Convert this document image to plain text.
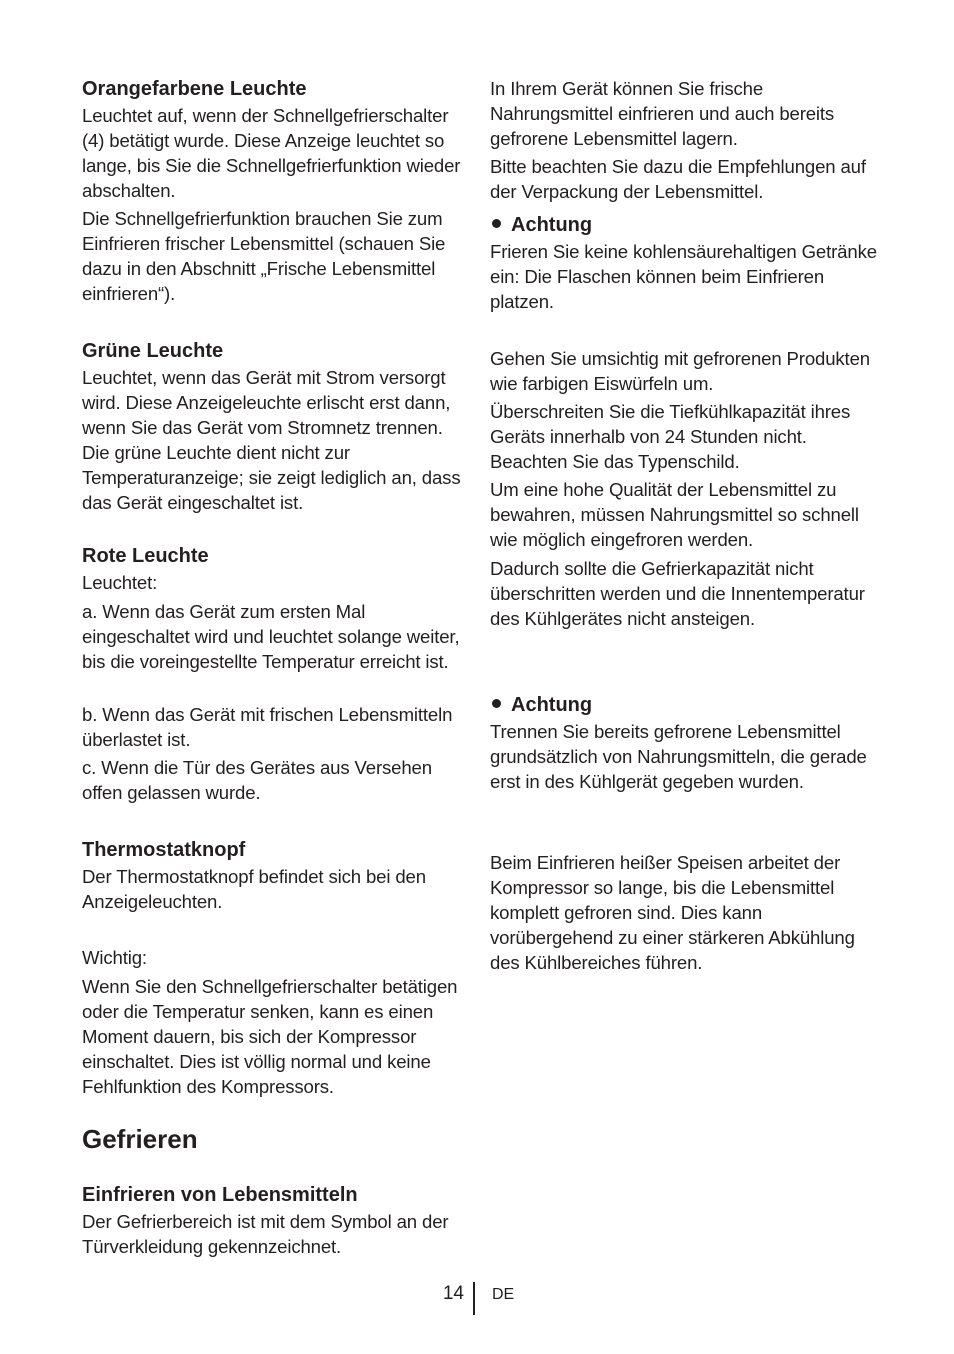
Orangefarbene Leuchte

Leuchtet auf, wenn der Schnellgefrierschalter (4) betätigt wurde. Diese Anzeige leuchtet so lange, bis Sie die Schnellgefrierfunktion wieder abschalten.

Die Schnellgefrierfunktion brauchen Sie zum Einfrieren frischer Lebensmittel (schauen Sie dazu in den Abschnitt „Frische Lebensmittel einfrieren“).

Grüne Leuchte

Leuchtet, wenn das Gerät mit Strom versorgt wird. Diese Anzeigeleuchte erlischt erst dann, wenn Sie das Gerät vom Stromnetz trennen. Die grüne Leuchte dient nicht zur Temperaturanzeige; sie zeigt lediglich an, dass das Gerät eingeschaltet ist.

Rote Leuchte

Leuchtet:

a. Wenn das Gerät zum ersten Mal eingeschaltet wird und leuchtet solange weiter, bis die voreingestellte Temperatur erreicht ist.

b. Wenn das Gerät mit frischen Lebensmitteln überlastet ist.

c. Wenn die Tür des Gerätes aus Versehen offen gelassen wurde.

Thermostatknopf

Der Thermostatknopf befindet sich bei den Anzeigeleuchten.

Wichtig:

Wenn Sie den Schnellgefrierschalter betätigen oder die Temperatur senken, kann es einen Moment dauern, bis sich der Kompressor einschaltet. Dies ist völlig normal und keine Fehlfunktion des Kompressors.

Gefrieren
Einfrieren von Lebensmitteln

Der Gefrierbereich ist mit dem Symbol an der Türverkleidung gekennzeichnet.

In Ihrem Gerät können Sie frische Nahrungsmittel einfrieren und auch bereits gefrorene Lebensmittel lagern.

Bitte beachten Sie dazu die Empfehlungen auf der Verpackung der Lebensmittel.

Achtung

Frieren Sie keine kohlensäurehaltigen Getränke ein: Die Flaschen können beim Einfrieren platzen.

Gehen Sie umsichtig mit gefrorenen Produkten wie farbigen Eiswürfeln um.

Überschreiten Sie die Tiefkühlkapazität ihres Geräts innerhalb von 24 Stunden nicht. Beachten Sie das Typenschild.

Um eine hohe Qualität der Lebensmittel zu bewahren, müssen Nahrungsmittel so schnell wie möglich eingefroren werden.

Dadurch sollte die Gefrierkapazität nicht überschritten werden und die Innentemperatur des Kühlgerätes nicht ansteigen.

Achtung

Trennen Sie bereits gefrorene Lebensmittel grundsätzlich von Nahrungsmitteln, die gerade erst in des Kühlgerät gegeben wurden.

Beim Einfrieren heißer Speisen arbeitet der Kompressor so lange, bis die Lebensmittel komplett gefroren sind. Dies kann vorübergehend zu einer stärkeren Abkühlung des Kühlbereiches führen.

14 DE
